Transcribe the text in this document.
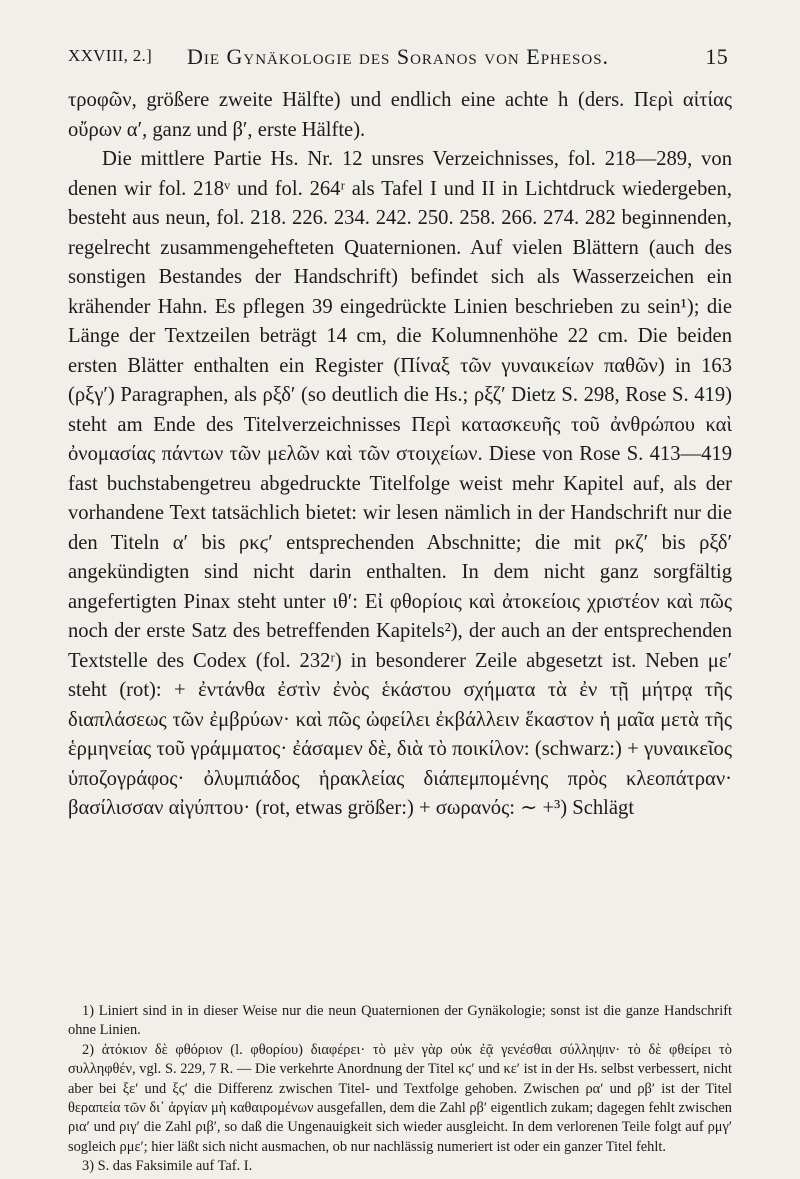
XXVIII, 2.]	Die Gynäkologie des Soranos von Ephesos.	15

τροφῶν, größere zweite Hälfte) und endlich eine achte h (ders. Περὶ αἰτίας οὔρων α′, ganz und β′, erste Hälfte).

Die mittlere Partie Hs. Nr. 12 unsres Verzeichnisses, fol. 218—289, von denen wir fol. 218ᵛ und fol. 264ʳ als Tafel I und II in Lichtdruck wiedergeben, besteht aus neun, fol. 218. 226. 234. 242. 250. 258. 266. 274. 282 beginnenden, regelrecht zusammengehefteten Quaternionen. Auf vielen Blättern (auch des sonstigen Bestandes der Handschrift) befindet sich als Wasserzeichen ein krähender Hahn. Es pflegen 39 eingedrückte Linien beschrieben zu sein¹); die Länge der Textzeilen beträgt 14 cm, die Kolumnenhöhe 22 cm. Die beiden ersten Blätter enthalten ein Register (Πίναξ τῶν γυναικείων παθῶν) in 163 (ρξγ′) Paragraphen, als ρξδ′ (so deutlich die Hs.; ρξζ′ Dietz S. 298, Rose S. 419) steht am Ende des Titelverzeichnisses Περὶ κατασκευῆς τοῦ ἀνθρώπου καὶ ὀνομασίας πάντων τῶν μελῶν καὶ τῶν στοιχείων. Diese von Rose S. 413—419 fast buchstabengetreu abgedruckte Titelfolge weist mehr Kapitel auf, als der vorhandene Text tatsächlich bietet: wir lesen nämlich in der Handschrift nur die den Titeln α′ bis ρκϛ′ entsprechenden Abschnitte; die mit ρκζ′ bis ρξδ′ angekündigten sind nicht darin enthalten. In dem nicht ganz sorgfältig angefertigten Pinax steht unter ιθ′: Εἰ φθορίοις καὶ ἀτοκείοις χριστέον καὶ πῶς noch der erste Satz des betreffenden Kapitels²), der auch an der entsprechenden Textstelle des Codex (fol. 232ʳ) in besonderer Zeile abgesetzt ist. Neben με′ steht (rot): + ἐντάνθα ἐστὶν ἐνὸς ἑκάστου σχήματα τὰ ἐν τῇ μήτρᾳ τῆς διαπλάσεως τῶν ἐμβρύων· καὶ πῶς ὠφείλει ἐκβάλλειν ἕκαστον ἡ μαῖα μετὰ τῆς ἑρμηνείας τοῦ γράμματος· ἐάσαμεν δὲ, διὰ τὸ ποικίλον: (schwarz:) + γυναικεῖος ὑποζογράφος· ὀλυμπιάδος ἡρακλείας διάπεμπομένης πρὸς κλεοπάτραν· βασίλισσαν αἰγύπτου· (rot, etwas größer:) + σωρανός: ∼ +³) Schlägt

1) Liniert sind in in dieser Weise nur die neun Quaternionen der Gynäkologie; sonst ist die ganze Handschrift ohne Linien.

2) ἀτόκιον δὲ φθόριον (l. φθορίου) διαφέρει· τὸ μὲν γὰρ οὐκ ἐᾷ γενέσθαι σύλληψιν· τὸ δὲ φθείρει τὸ συλληφθέν, vgl. S. 229, 7 R. — Die verkehrte Anordnung der Titel κϛ′ und κε′ ist in der Hs. selbst verbessert, nicht aber bei ξε′ und ξϛ′ die Differenz zwischen Titel- und Textfolge gehoben. Zwischen ρα′ und ρβ′ ist der Titel θεραπεία τῶν δι᾽ ἀργίαν μὴ καθαιρομένων ausgefallen, dem die Zahl ρβ′ eigentlich zukam; dagegen fehlt zwischen ρια′ und ριγ′ die Zahl ριβ′, so daß die Ungenauigkeit sich wieder ausgleicht. In dem verlorenen Teile folgt auf ρμγ′ sogleich ρμε′; hier läßt sich nicht ausmachen, ob nur nachlässig numeriert ist oder ein ganzer Titel fehlt.

3) S. das Faksimile auf Taf. I.
